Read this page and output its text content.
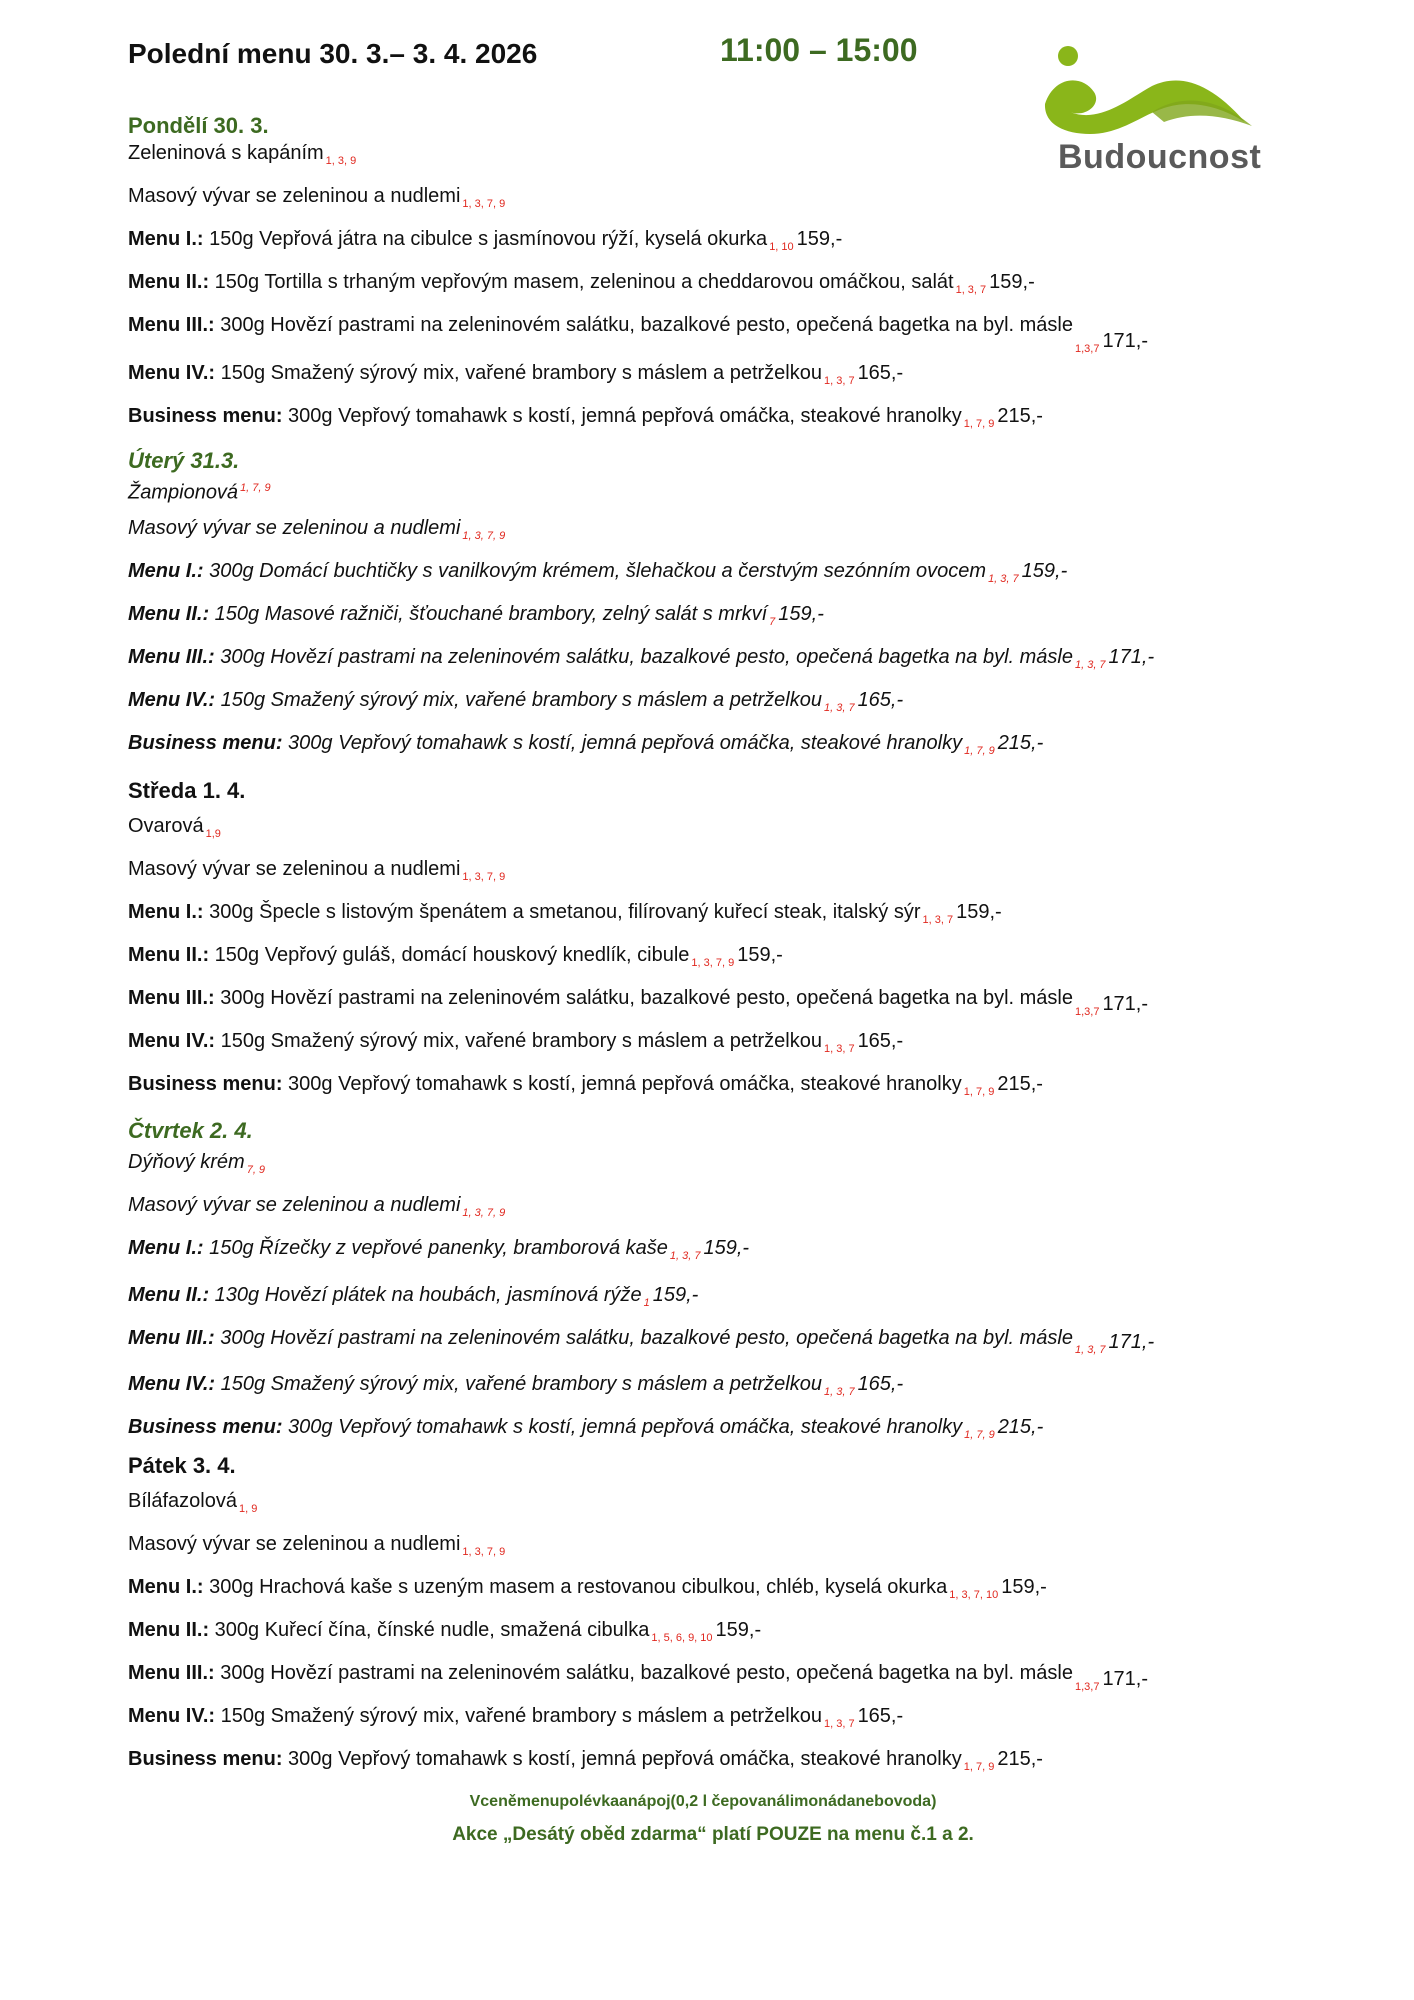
Polední menu 30. 3.– 3. 4. 2026	11:00 – 15:00
Budoucnost
Pondělí 30. 3.
Zeleninová s kapáním $_{1, 3, 9}$
Masový vývar se zeleninou a nudlemi $_{1, 3, 7, 9}$
Menu I.: 150g Vepřová játra na cibulce s jasmínovou rýží, kyselá okurka $_{1, 10}$ 159,-
Menu II.: 150g Tortilla s trhaným vepřovým masem, zeleninou a cheddarovou omáčkou, salát $_{1, 3, 7}$ 159,-
Menu III.: 300g Hovězí pastrami na zeleninovém salátku, bazalkové pesto, opečená bagetka na byl. másle$_{1,3,7}$ 171,-
Menu IV.: 150g Smažený sýrový mix, vařené brambory s máslem a petrželkou $_{1, 3, 7}$ 165,-
Business menu: 300g Vepřový tomahawk s kostí, jemná pepřová omáčka, steakové hranolky $_{1, 7, 9}$ 215,-
Úterý 31.3.
Žampionová $^{1, 7, 9}$
Masový vývar se zeleninou a nudlemi $_{1, 3, 7, 9}$
Menu I.: 300g Domácí buchtičky s vanilkovým krémem, šlehačkou a čerstvým sezónním ovocem $_{1, 3, 7}$ 159,-
Menu II.: 150g Masové ražniči, šťouchané brambory, zelný salát s mrkví $_7$ 159,-
Menu III.: 300g Hovězí pastrami na zeleninovém salátku, bazalkové pesto, opečená bagetka na byl. másle $_{1, 3, 7}$ 171,-
Menu IV.: 150g Smažený sýrový mix, vařené brambory s máslem a petrželkou $_{1, 3, 7}$ 165,-
Business menu: 300g Vepřový tomahawk s kostí, jemná pepřová omáčka, steakové hranolky $_{1, 7, 9}$ 215,-
Středa 1. 4.
Ovarová $_{1,9}$
Masový vývar se zeleninou a nudlemi $_{1, 3, 7, 9}$
Menu I.: 300g Špecle s listovým špenátem a smetanou, filírovaný kuřecí steak, italský sýr $_{1, 3, 7}$ 159,-
Menu II.: 150g Vepřový guláš, domácí houskový knedlík, cibule $_{1, 3, 7, 9}$ 159,-
Menu III.: 300g Hovězí pastrami na zeleninovém salátku, bazalkové pesto, opečená bagetka na byl. másle$_{1,3,7}$ 171,-
Menu IV.: 150g Smažený sýrový mix, vařené brambory s máslem a petrželkou $_{1, 3, 7}$ 165,-
Business menu: 300g Vepřový tomahawk s kostí, jemná pepřová omáčka, steakové hranolky $_{1, 7, 9}$ 215,-
Čtvrtek 2. 4.
Dýňový krém $_{7, 9}$
Masový vývar se zeleninou a nudlemi $_{1, 3, 7, 9}$
Menu I.: 150g Řízečky z vepřové panenky, bramborová kaše $_{1, 3, 7}$ 159,-
Menu II.: 130g Hovězí plátek na houbách, jasmínová rýže $_1$ 159,-
Menu III.: 300g Hovězí pastrami na zeleninovém salátku, bazalkové pesto, opečená bagetka na byl. másle$_{1, 3, 7}$ 171,-
Menu IV.: 150g Smažený sýrový mix, vařené brambory s máslem a petrželkou $_{1, 3, 7}$ 165,-
Business menu: 300g Vepřový tomahawk s kostí, jemná pepřová omáčka, steakové hranolky $_{1, 7, 9}$ 215,-
Pátek 3. 4.
Bíláfazolová $_{1, 9}$
Masový vývar se zeleninou a nudlemi $_{1, 3, 7, 9}$
Menu I.: 300g Hrachová kaše s uzeným masem a restovanou cibulkou, chléb, kyselá okurka $_{1, 3, 7, 10}$ 159,-
Menu II.: 300g Kuřecí čína, čínské nudle, smažená cibulka $_{1, 5, 6, 9, 10}$ 159,-
Menu III.: 300g Hovězí pastrami na zeleninovém salátku, bazalkové pesto, opečená bagetka na byl. másle$_{1,3,7}$ 171,-
Menu IV.: 150g Smažený sýrový mix, vařené brambory s máslem a petrželkou $_{1, 3, 7}$ 165,-
Business menu: 300g Vepřový tomahawk s kostí, jemná pepřová omáčka, steakové hranolky $_{1, 7, 9}$ 215,-
Vceněmenupolévkaanápoj(0,2 l čepovanálimonádanebovoda)
Akce „Desátý oběd zdarma“ platí POUZE na menu č.1 a 2.
